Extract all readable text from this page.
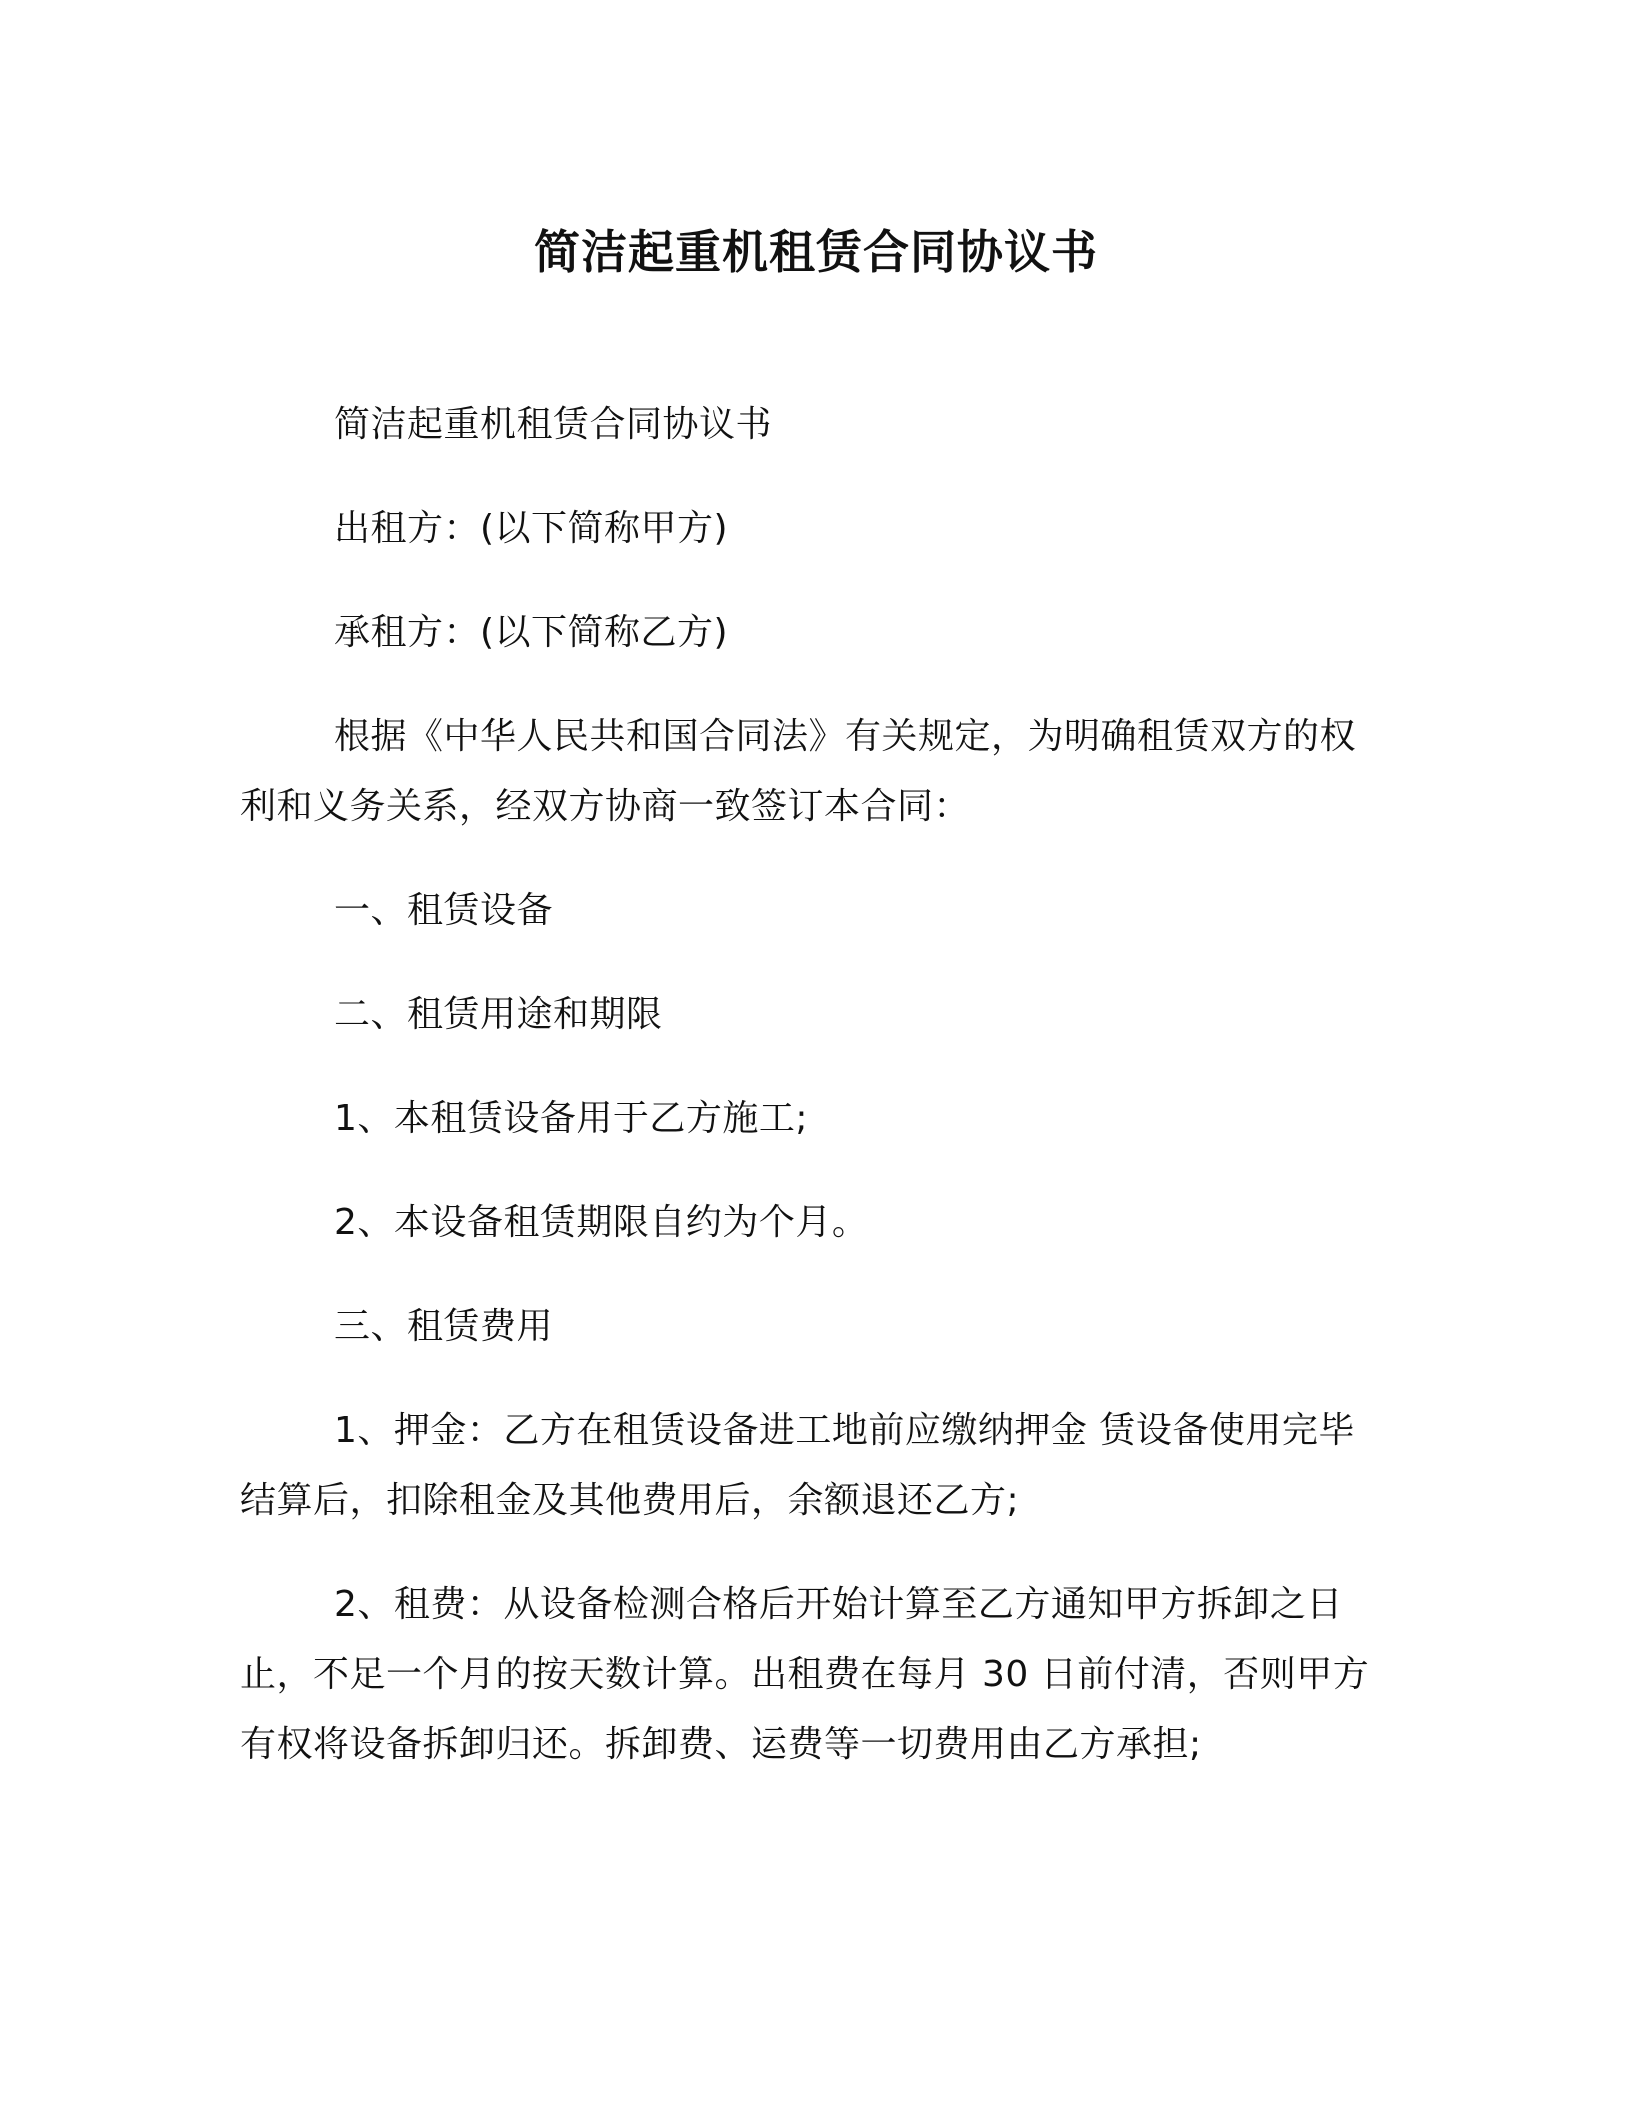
简洁起重机租赁合同协议书

简洁起重机租赁合同协议书

出租方：(以下简称甲方)

承租方：(以下简称乙方)

根据《中华人民共和国合同法》有关规定，为明确租赁双方的权利和义务关系，经双方协商一致签订本合同：

一、租赁设备

二、租赁用途和期限

1、本租赁设备用于乙方施工;

2、本设备租赁期限自约为个月。

三、租赁费用

1、押金：乙方在租赁设备进工地前应缴纳押金 赁设备使用完毕结算后，扣除租金及其他费用后，余额退还乙方;

2、租费：从设备检测合格后开始计算至乙方通知甲方拆卸之日止，不足一个月的按天数计算。出租费在每月 30 日前付清，否则甲方有权将设备拆卸归还。拆卸费、运费等一切费用由乙方承担;
